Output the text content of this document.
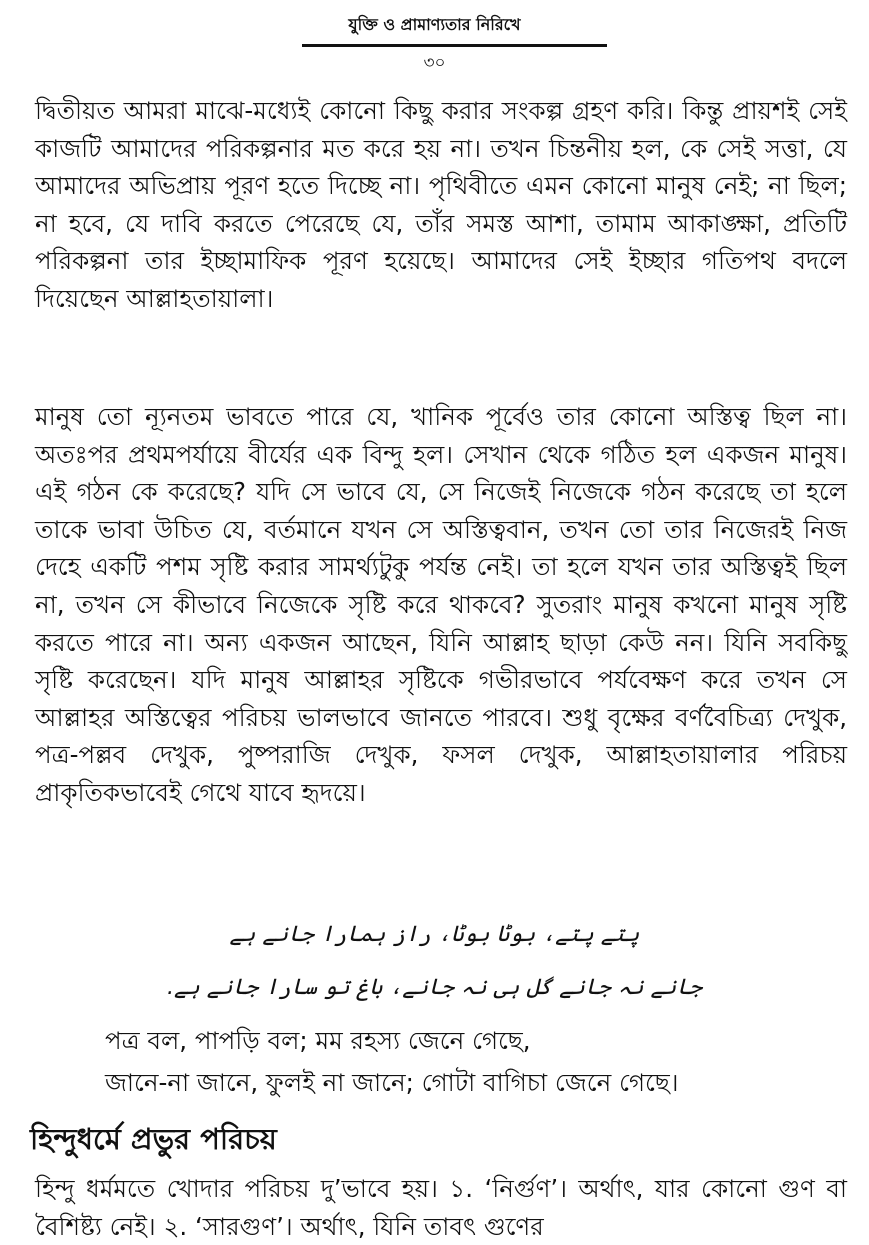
যুক্তি ও প্রামাণ্যতার নিরিখে
৩০

দ্বিতীয়ত আমরা মাঝে-মধ্যেই কোনো কিছু করার সংকল্প গ্রহণ করি। কিন্তু প্রায়শই সেই কাজটি আমাদের পরিকল্পনার মত করে হয় না। তখন চিন্তনীয় হল, কে সেই সত্তা, যে আমাদের অভিপ্রায় পূরণ হতে দিচ্ছে না। পৃথিবীতে এমন কোনো মানুষ নেই; না ছিল; না হবে, যে দাবি করতে পেরেছে যে, তাঁর সমস্ত আশা, তামাম আকাঙ্ক্ষা, প্রতিটি পরিকল্পনা তার ইচ্ছামাফিক পূরণ হয়েছে। আমাদের সেই ইচ্ছার গতিপথ বদলে দিয়েছেন আল্লাহতায়ালা।

মানুষ তো ন্যূনতম ভাবতে পারে যে, খানিক পূর্বেও তার কোনো অস্তিত্ব ছিল না। অতঃপর প্রথমপর্যায়ে বীর্যের এক বিন্দু হল। সেখান থেকে গঠিত হল একজন মানুষ। এই গঠন কে করেছে? যদি সে ভাবে যে, সে নিজেই নিজেকে গঠন করেছে তা হলে তাকে ভাবা উচিত যে, বর্তমানে যখন সে অস্তিত্ববান, তখন তো তার নিজেরই নিজ দেহে একটি পশম সৃষ্টি করার সামর্থ্যটুকু পর্যন্ত নেই। তা হলে যখন তার অস্তিত্বই ছিল না, তখন সে কীভাবে নিজেকে সৃষ্টি করে থাকবে? সুতরাং মানুষ কখনো মানুষ সৃষ্টি করতে পারে না। অন্য একজন আছেন, যিনি আল্লাহ ছাড়া কেউ নন। যিনি সবকিছু সৃষ্টি করেছেন। যদি মানুষ আল্লাহর সৃষ্টিকে গভীরভাবে পর্যবেক্ষণ করে তখন সে আল্লাহর অস্তিত্বের পরিচয় ভালভাবে জানতে পারবে। শুধু বৃক্ষের বর্ণবৈচিত্র্য দেখুক, পত্র-পল্লব দেখুক, পুষ্পরাজি দেখুক, ফসল দেখুক, আল্লাহতায়ালার পরিচয় প্রাকৃতিকভাবেই গেথে যাবে হৃদয়ে।

پتے پتے، بوٹا بوٹا، راز ہمارا جانے ہے
جانے نہ جانے گل ہی نہ جانے، باغ تو سارا جانے ہے.
পত্র বল, পাপড়ি বল; মম রহস্য জেনে গেছে,
জানে-না জানে, ফুলই না জানে; গোটা বাগিচা জেনে গেছে।
হিন্দুধর্মে প্রভুর পরিচয়

হিন্দু ধর্মমতে খোদার পরিচয় দু’ভাবে হয়। ১. ‘নির্গুণ’। অর্থাৎ, যার কোনো গুণ বা বৈশিষ্ট্য নেই। ২. ‘সারগুণ’। অর্থাৎ, যিনি তাবৎ গুণের
